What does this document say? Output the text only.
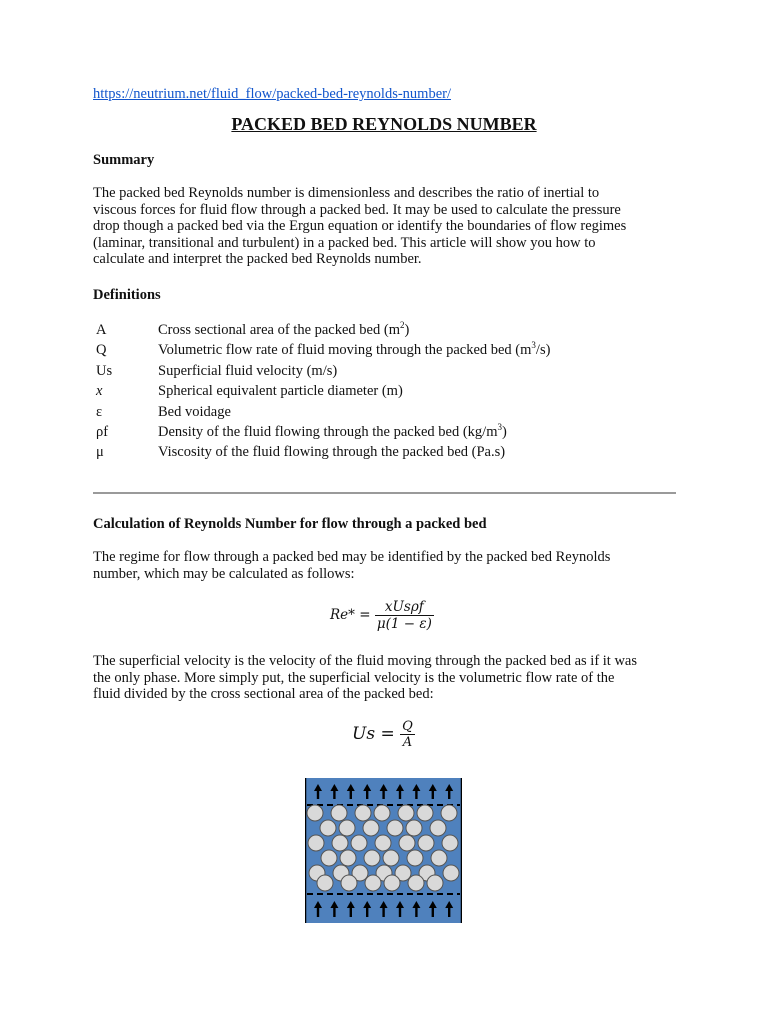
https://neutrium.net/fluid_flow/packed-bed-reynolds-number/
PACKED BED REYNOLDS NUMBER
Summary
The packed bed Reynolds number is dimensionless and describes the ratio of inertial to
viscous forces for fluid flow through a packed bed. It may be used to calculate the pressure
drop though a packed bed via the Ergun equation or identify the boundaries of flow regimes
(laminar, transitional and turbulent) in a packed bed. This article will show you how to
calculate and interpret the packed bed Reynolds number.
Definitions
A	Cross sectional area of the packed bed $(m^2)$
Q	Volumetric flow rate of fluid moving through the packed bed $(m^3/s)$
Us	Superficial fluid velocity (m/s)
x	Spherical equivalent particle diameter (m)
ε	Bed voidage
ρf	Density of the fluid flowing through the packed bed $(kg/m^3)$
μ	Viscosity of the fluid flowing through the packed bed (Pa.s)
Calculation of Reynolds Number for flow through a packed bed
The regime for flow through a packed bed may be identified by the packed bed Reynolds
number, which may be calculated as follows:
$Re* = \frac{\text{xUsρf}}{\mu(1 - \varepsilon)}$
The superficial velocity is the velocity of the fluid moving through the packed bed as if it was
the only phase. More simply put, the superficial velocity is the volumetric flow rate of the
fluid divided by the cross sectional area of the packed bed:
$Us = \frac{Q}{A}$
